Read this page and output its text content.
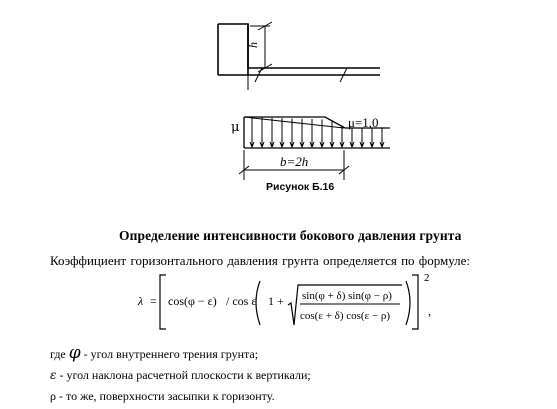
h
μ	μ=1,0
b=2h
Рисунок Б.16
Определение интенсивности бокового давления грунта
Коэффициент горизонтального давления грунта определяется по формуле:
λ = cos(φ − ε) / cos ε 1 + sin(φ + δ) sin(φ − ρ)
cos(ε + δ) cos(ε − ρ)
2
,
где φ - угол внутреннего трения грунта;
ε - угол наклона расчетной плоскости к вертикали;
ρ - то же, поверхности засыпки к горизонту.
